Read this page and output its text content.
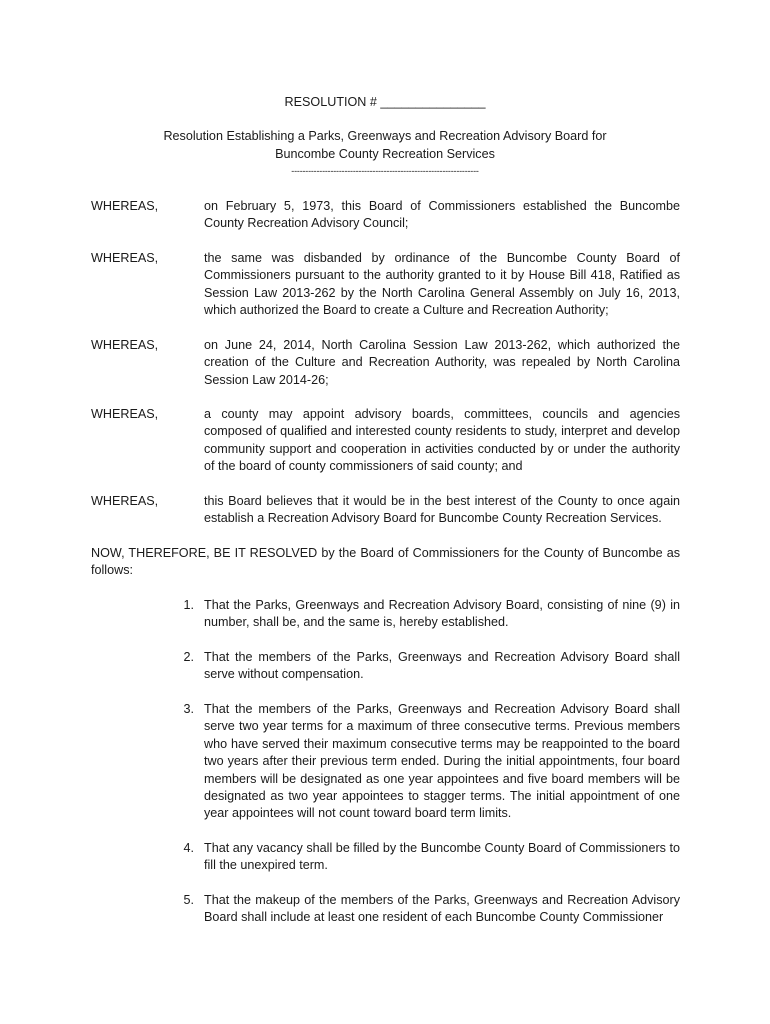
RESOLUTION # _______________
Resolution Establishing a Parks, Greenways and Recreation Advisory Board for
Buncombe County Recreation Services
-------------------------------------------------------------------
WHEREAS,	on February 5, 1973, this Board of Commissioners established the Buncombe County Recreation Advisory Council;
WHEREAS,	the same was disbanded by ordinance of the Buncombe County Board of Commissioners pursuant to the authority granted to it by House Bill 418, Ratified as Session Law 2013-262 by the North Carolina General Assembly on July 16, 2013, which authorized the Board to create a Culture and Recreation Authority;
WHEREAS,	on June 24, 2014, North Carolina Session Law 2013-262, which authorized the creation of the Culture and Recreation Authority, was repealed by North Carolina Session Law 2014-26;
WHEREAS,	a county may appoint advisory boards, committees, councils and agencies composed of qualified and interested county residents to study, interpret and develop community support and cooperation in activities conducted by or under the authority of the board of county commissioners of said county; and
WHEREAS,	this Board believes that it would be in the best interest of the County to once again establish a Recreation Advisory Board for Buncombe County Recreation Services.
NOW, THEREFORE, BE IT RESOLVED by the Board of Commissioners for the County of Buncombe as follows:
1. That the Parks, Greenways and Recreation Advisory Board, consisting of nine (9) in number, shall be, and the same is, hereby established.
2. That the members of the Parks, Greenways and Recreation Advisory Board shall serve without compensation.
3. That the members of the Parks, Greenways and Recreation Advisory Board shall serve two year terms for a maximum of three consecutive terms. Previous members who have served their maximum consecutive terms may be reappointed to the board two years after their previous term ended. During the initial appointments, four board members will be designated as one year appointees and five board members will be designated as two year appointees to stagger terms. The initial appointment of one year appointees will not count toward board term limits.
4. That any vacancy shall be filled by the Buncombe County Board of Commissioners to fill the unexpired term.
5. That the makeup of the members of the Parks, Greenways and Recreation Advisory Board shall include at least one resident of each Buncombe County Commissioner
